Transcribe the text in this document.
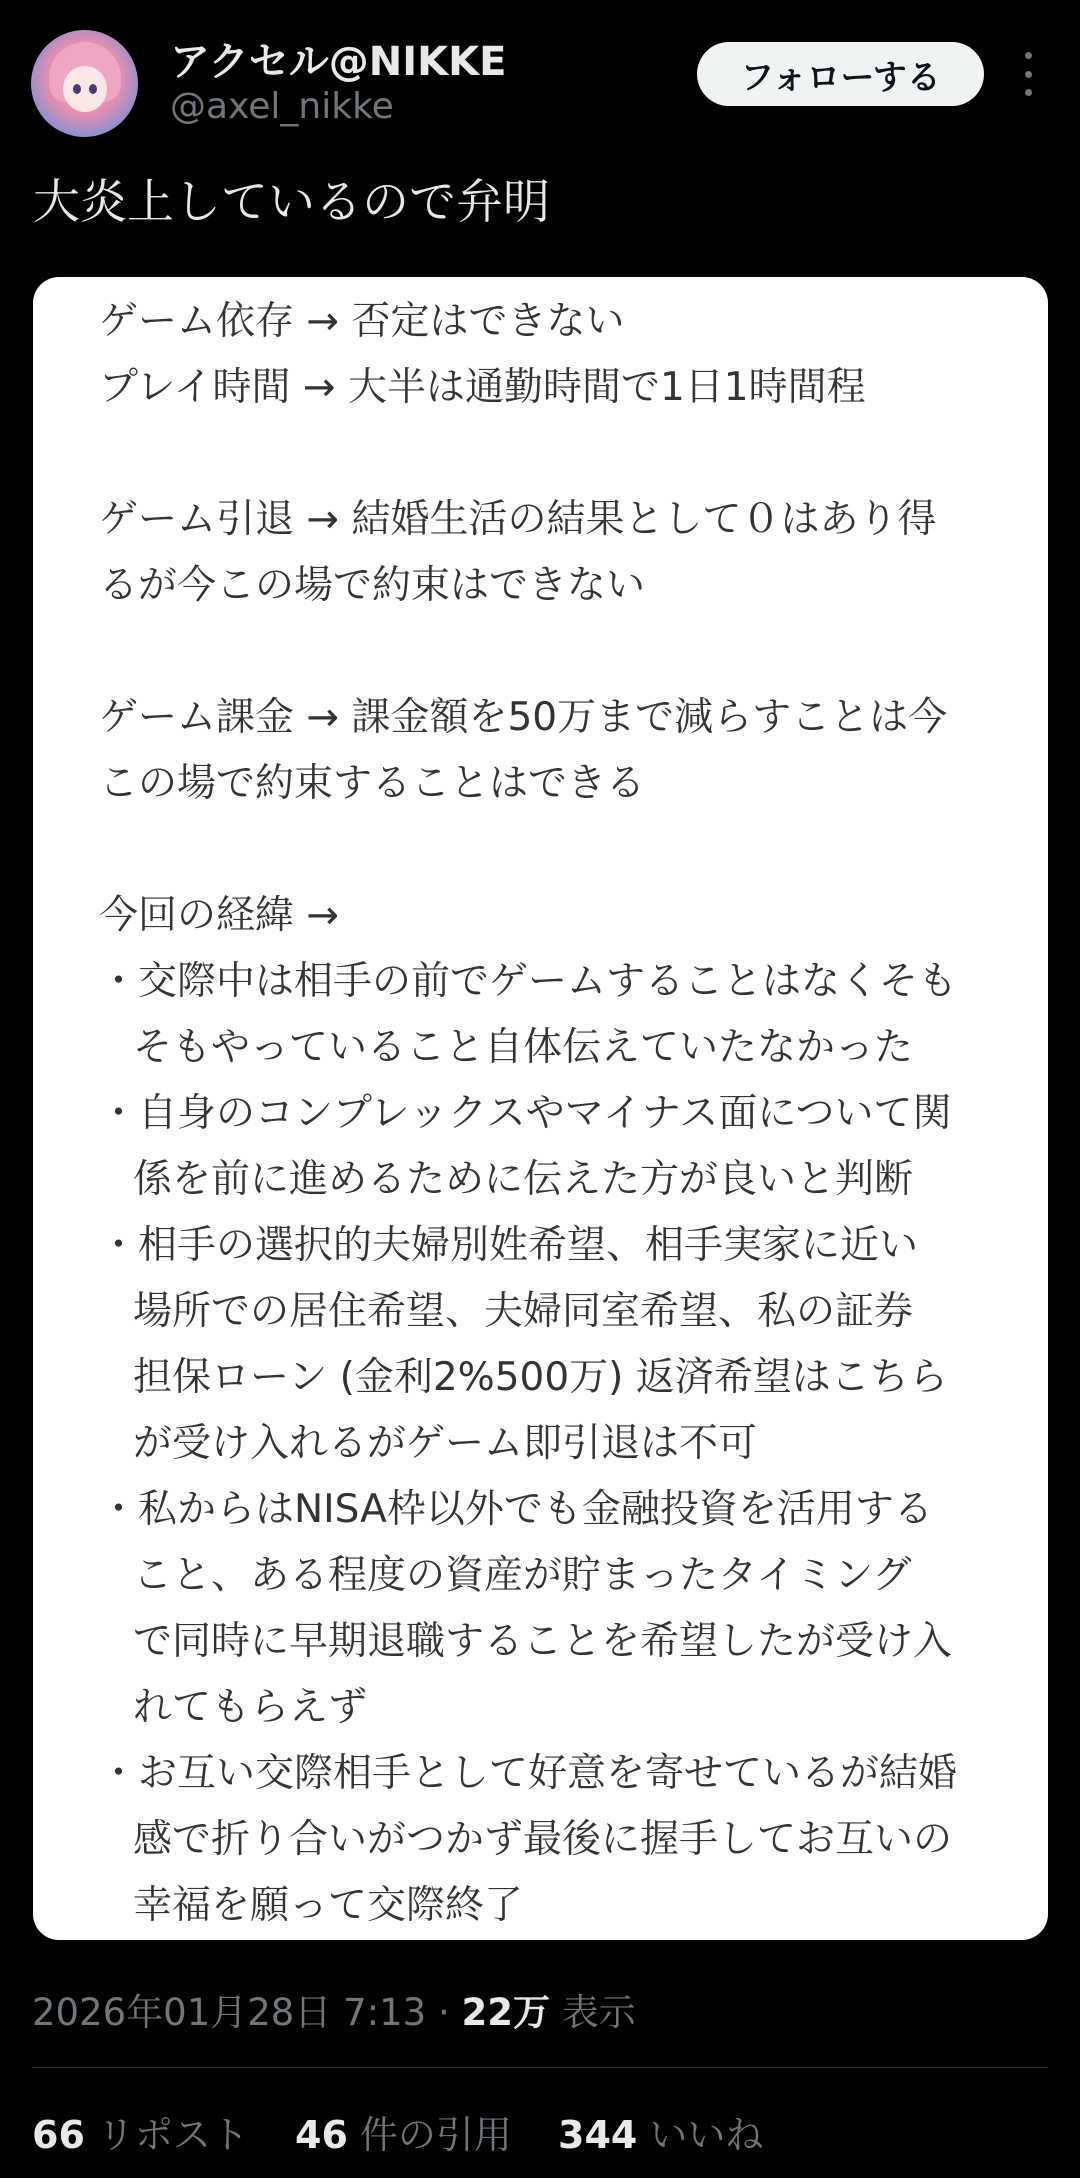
アクセル@NIKKE
@axel_nikke
フォローする
大炎上しているので弁明
ゲーム依存 → 否定はできない
プレイ時間 → 大半は通勤時間で1日1時間程
ゲーム引退 → 結婚生活の結果として０はあり得
るが今この場で約束はできない
ゲーム課金 → 課金額を50万まで減らすことは今
この場で約束することはできる
今回の経緯 →
・交際中は相手の前でゲームすることはなくそも
そもやっていること自体伝えていたなかった
・自身のコンプレックスやマイナス面について関
係を前に進めるために伝えた方が良いと判断
・相手の選択的夫婦別姓希望、相手実家に近い
場所での居住希望、夫婦同室希望、私の証券
担保ローン (金利2%500万) 返済希望はこちら
が受け入れるがゲーム即引退は不可
・私からはNISA枠以外でも金融投資を活用する
こと、ある程度の資産が貯まったタイミング
で同時に早期退職することを希望したが受け入
れてもらえず
・お互い交際相手として好意を寄せているが結婚
感で折り合いがつかず最後に握手してお互いの
幸福を願って交際終了
2026年01月28日 7:13 · 22万 表示
66 リポスト 46 件の引用 344 いいね
